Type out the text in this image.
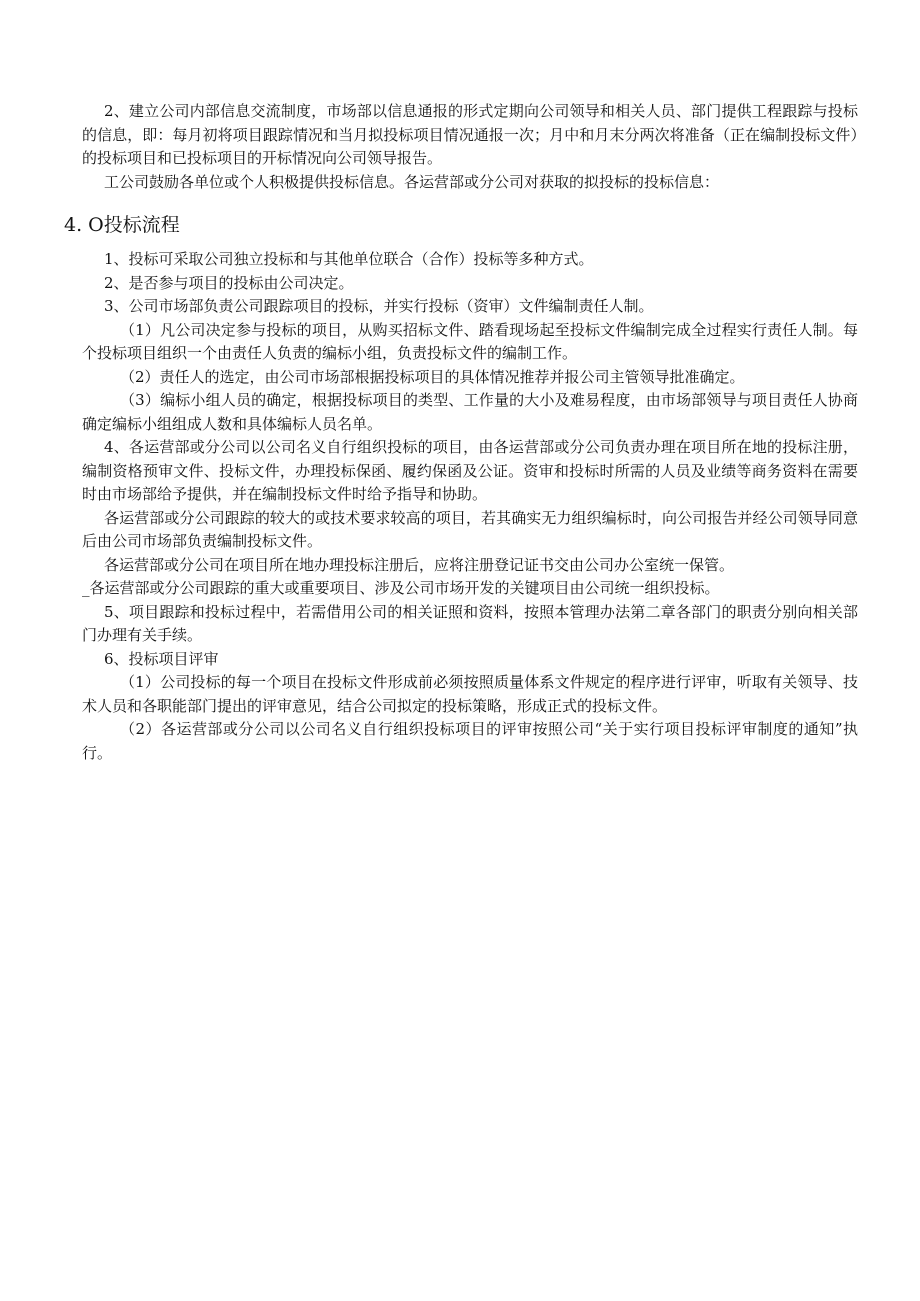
2、建立公司内部信息交流制度，市场部以信息通报的形式定期向公司领导和相关人员、部门提供工程跟踪与投标的信息，即：每月初将项目跟踪情况和当月拟投标项目情况通报一次；月中和月末分两次将准备（正在编制投标文件）的投标项目和已投标项目的开标情况向公司领导报告。

工公司鼓励各单位或个人积极提供投标信息。各运营部或分公司对获取的拟投标的投标信息：

4. O投标流程

1、投标可采取公司独立投标和与其他单位联合（合作）投标等多种方式。

2、是否参与项目的投标由公司决定。

3、公司市场部负责公司跟踪项目的投标，并实行投标（资审）文件编制责任人制。

（1）凡公司决定参与投标的项目，从购买招标文件、踏看现场起至投标文件编制完成全过程实行责任人制。每个投标项目组织一个由责任人负责的编标小组，负责投标文件的编制工作。

（2）责任人的选定，由公司市场部根据投标项目的具体情况推荐并报公司主管领导批准确定。

（3）编标小组人员的确定，根据投标项目的类型、工作量的大小及难易程度，由市场部领导与项目责任人协商确定编标小组组成人数和具体编标人员名单。

4、各运营部或分公司以公司名义自行组织投标的项目，由各运营部或分公司负责办理在项目所在地的投标注册，编制资格预审文件、投标文件，办理投标保函、履约保函及公证。资审和投标时所需的人员及业绩等商务资料在需要时由市场部给予提供，并在编制投标文件时给予指导和协助。

各运营部或分公司跟踪的较大的或技术要求较高的项目，若其确实无力组织编标时，向公司报告并经公司领导同意后由公司市场部负责编制投标文件。

各运营部或分公司在项目所在地办理投标注册后，应将注册登记证书交由公司办公室统一保管。

_各运营部或分公司跟踪的重大或重要项目、涉及公司市场开发的关键项目由公司统一组织投标。

5、项目跟踪和投标过程中，若需借用公司的相关证照和资料，按照本管理办法第二章各部门的职责分别向相关部门办理有关手续。

6、投标项目评审

（1）公司投标的每一个项目在投标文件形成前必须按照质量体系文件规定的程序进行评审，听取有关领导、技术人员和各职能部门提出的评审意见，结合公司拟定的投标策略，形成正式的投标文件。

（2）各运营部或分公司以公司名义自行组织投标项目的评审按照公司“关于实行项目投标评审制度的通知”执行。
